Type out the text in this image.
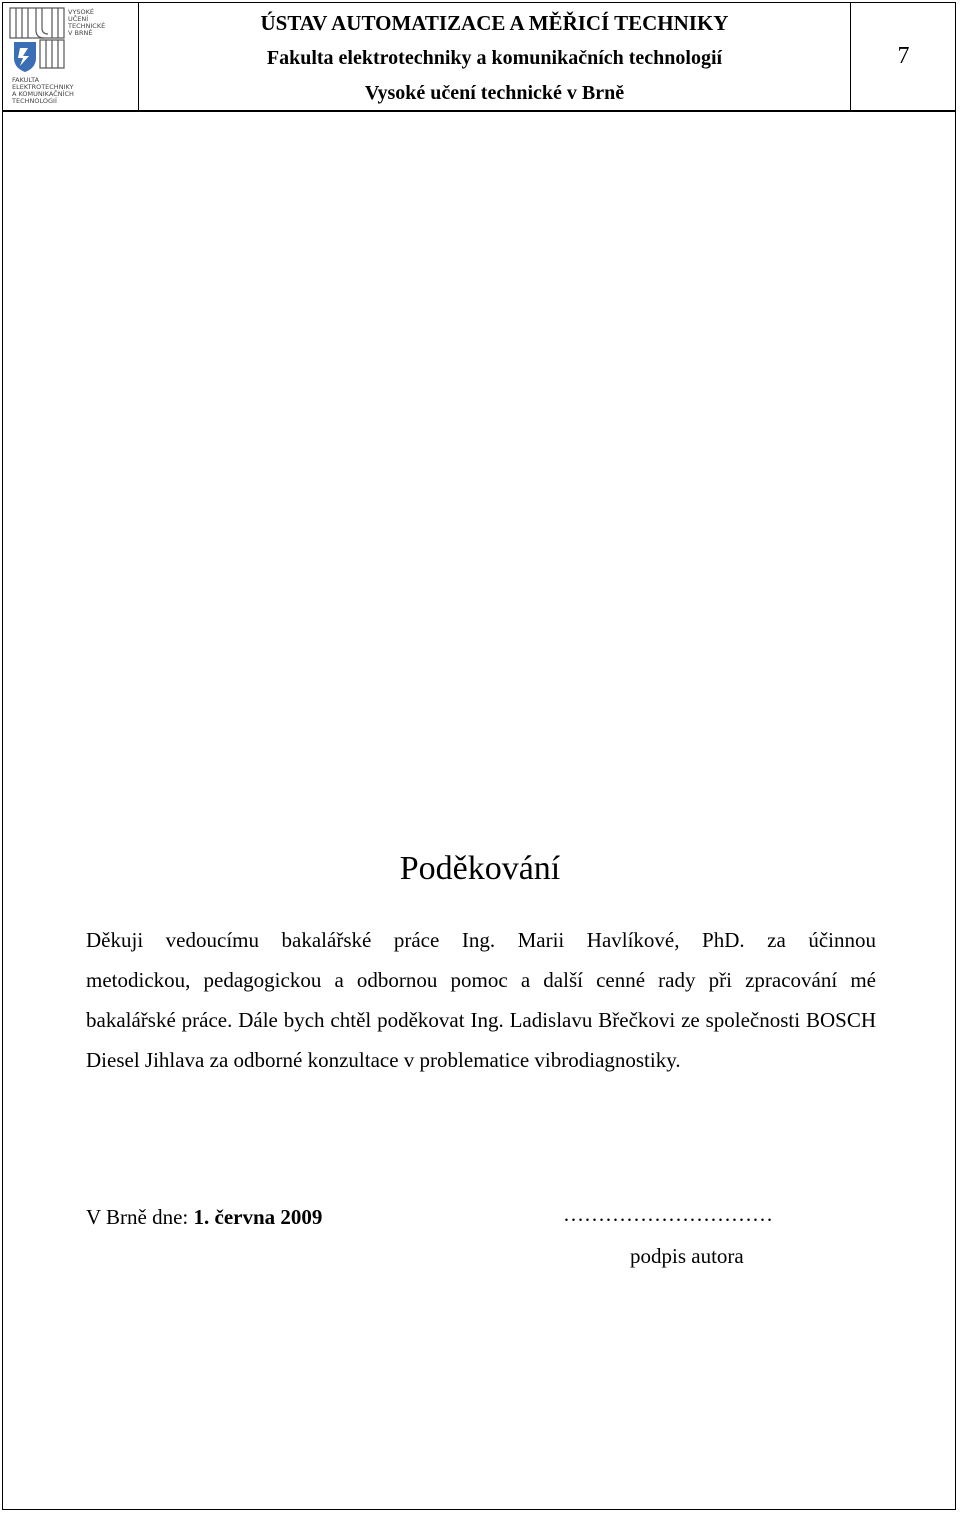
VYSOKÉ
UČENÍ
TECHNICKÉ
V BRNĚ
FAKULTA
ELEKTROTECHNIKY
A KOMUNIKAČNÍCH
TECHNOLOGIÍ
ÚSTAV AUTOMATIZACE A MĚŘICÍ TECHNIKY
Fakulta elektrotechniky a komunikačních technologií
Vysoké učení technické v Brně
7
Poděkování
Děkuji vedoucímu bakalářské práce Ing. Marii Havlíkové, PhD. za účinnou
metodickou, pedagogickou a odbornou pomoc a další cenné rady při zpracování mé bakalářské práce. Dále bych chtěl poděkovat Ing. Ladislavu Břečkovi ze společnosti BOSCH Diesel Jihlava za odborné konzultace v problematice vibrodiagnostiky.
V Brně dne: 1. června 2009	…………………………
podpis autora
